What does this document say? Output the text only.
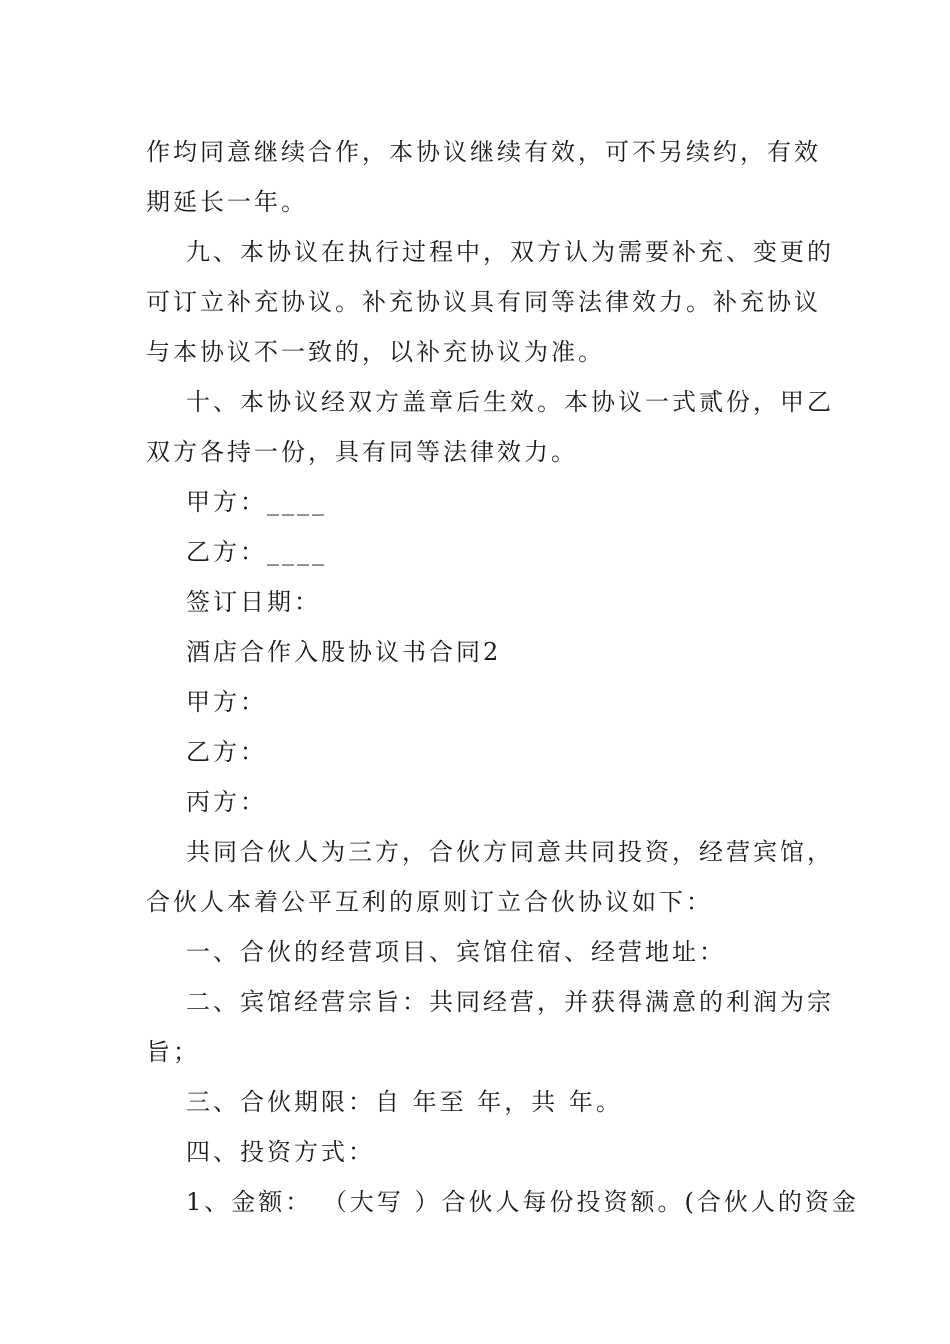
作均同意继续合作，本协议继续有效，可不另续约，有效
期延长一年。
九、本协议在执行过程中，双方认为需要补充、变更的
可订立补充协议。补充协议具有同等法律效力。补充协议
与本协议不一致的，以补充协议为准。
十、本协议经双方盖章后生效。本协议一式贰份，甲乙
双方各持一份，具有同等法律效力。
甲方：____
乙方：____
签订日期：
酒店合作入股协议书合同2
甲方：
乙方：
丙方：
共同合伙人为三方，合伙方同意共同投资，经营宾馆，
合伙人本着公平互利的原则订立合伙协议如下：
一、合伙的经营项目、宾馆住宿、经营地址：
二、宾馆经营宗旨：共同经营，并获得满意的利润为宗
旨；
三、合伙期限：自 年至 年，共 年。
四、投资方式：
1、金额： （大写 ）合伙人每份投资额。(合伙人的资金
